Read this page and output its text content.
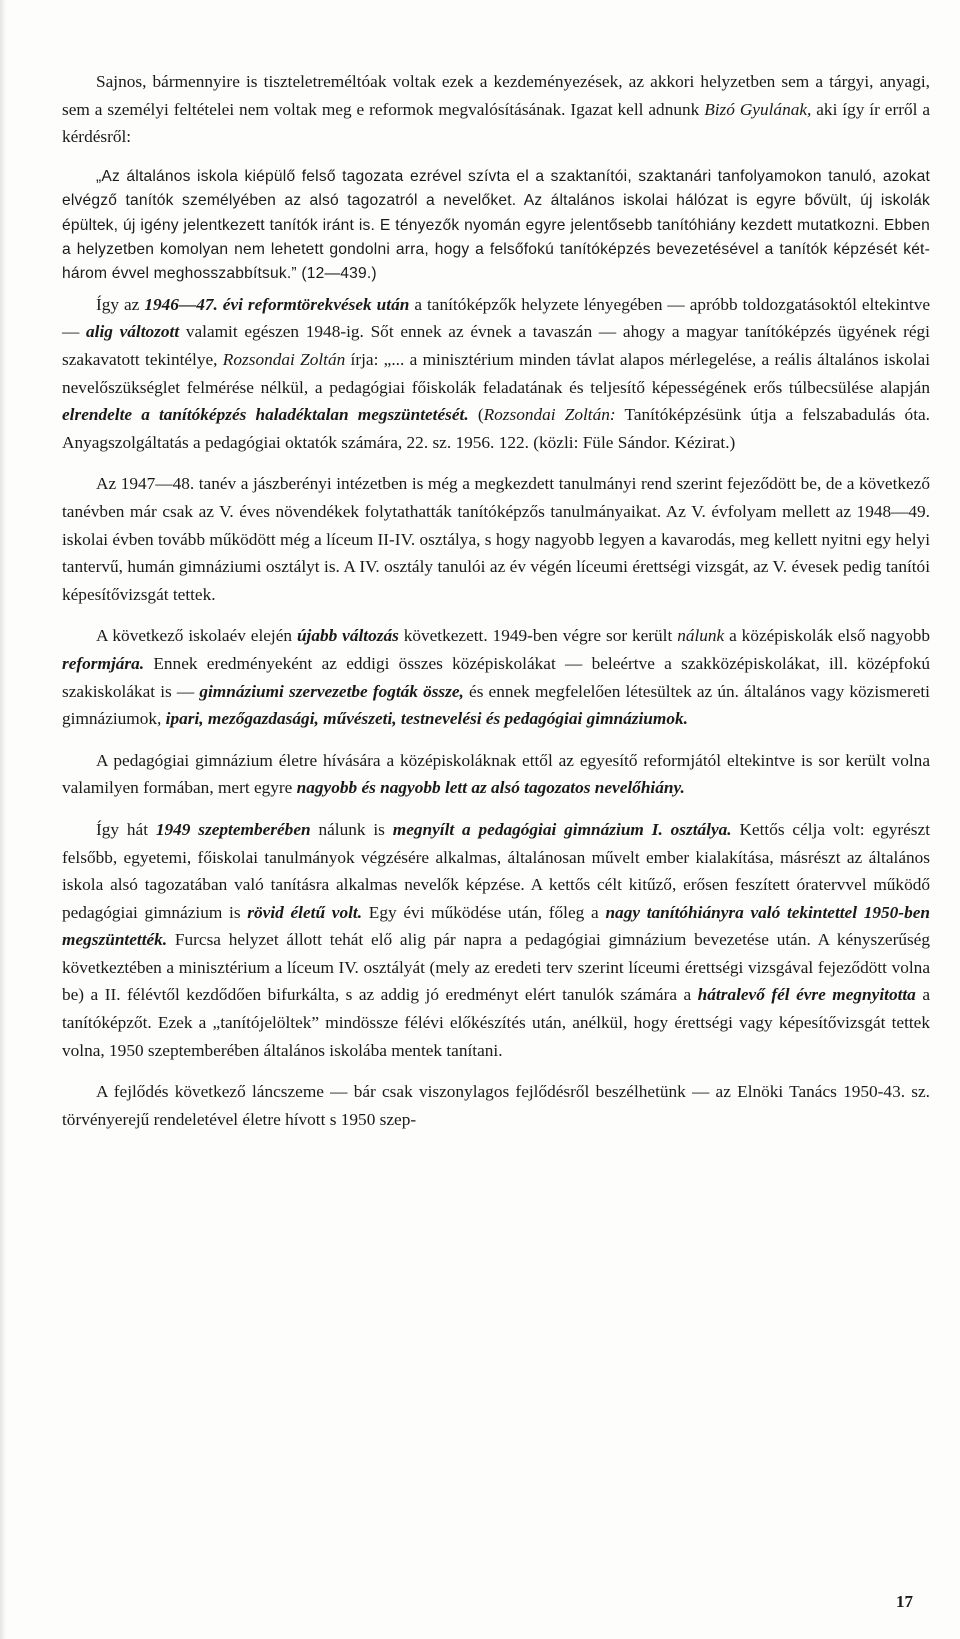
Sajnos, bármennyire is tiszteletreméltóak voltak ezek a kezdeményezések, az akkori helyzetben sem a tárgyi, anyagi, sem a személyi feltételei nem voltak meg e reformok megvalósításának. Igazat kell adnunk Bizó Gyulának, aki így ír erről a kérdésről:

„Az általános iskola kiépülő felső tagozata ezrével szívta el a szaktanítói, szaktanári tanfolyamokon tanuló, azokat elvégző tanítók személyében az alsó tagozatról a nevelőket. Az általános iskolai hálózat is egyre bővült, új iskolák épültek, új igény jelentkezett tanítók iránt is. E tényezők nyomán egyre jelentősebb tanítóhiány kezdett mutatkozni. Ebben a helyzetben komolyan nem lehetett gondolni arra, hogy a felsőfokú tanítóképzés bevezetésével a tanítók képzését két-három évvel meghosszabbítsuk.” (12—439.)

Így az 1946—47. évi reformtörekvések után a tanítóképzők helyzete lényegében — apróbb toldozgatásoktól eltekintve — alig változott valamit egészen 1948-ig. Sőt ennek az évnek a tavaszán — ahogy a magyar tanítóképzés ügyének régi szakavatott tekintélye, Rozsondai Zoltán írja: „... a minisztérium minden távlat alapos mérlegelése, a reális általános iskolai nevelőszükséglet felmérése nélkül, a pedagógiai főiskolák feladatának és teljesítő képességének erős túlbecsülése alapján elrendelte a tanítóképzés haladéktalan megszüntetését. (Rozsondai Zoltán: Tanítóképzésünk útja a felszabadulás óta. Anyagszolgáltatás a pedagógiai oktatók számára, 22. sz. 1956. 122. (közli: Füle Sándor. Kézirat.)

Az 1947—48. tanév a jászberényi intézetben is még a megkezdett tanulmányi rend szerint fejeződött be, de a következő tanévben már csak az V. éves növendékek folytathatták tanítóképzős tanulmányaikat. Az V. évfolyam mellett az 1948—49. iskolai évben tovább működött még a líceum II-IV. osztálya, s hogy nagyobb legyen a kavarodás, meg kellett nyitni egy helyi tantervű, humán gimnáziumi osztályt is. A IV. osztály tanulói az év végén líceumi érettségi vizsgát, az V. évesek pedig tanítói képesítővizsgát tettek.

A következő iskolaév elején újabb változás következett. 1949-ben végre sor került nálunk a középiskolák első nagyobb reformjára. Ennek eredményeként az eddigi összes középiskolákat — beleértve a szakközépiskolákat, ill. középfokú szakiskolákat is — gimnáziumi szervezetbe fogták össze, és ennek megfelelően létesültek az ún. általános vagy közismereti gimnáziumok, ipari, mezőgazdasági, művészeti, testnevelési és pedagógiai gimnáziumok.

A pedagógiai gimnázium életre hívására a középiskoláknak ettől az egyesítő reformjától eltekintve is sor került volna valamilyen formában, mert egyre nagyobb és nagyobb lett az alsó tagozatos nevelőhiány.

Így hát 1949 szeptemberében nálunk is megnyílt a pedagógiai gimnázium I. osztálya. Kettős célja volt: egyrészt felsőbb, egyetemi, főiskolai tanulmányok végzésére alkalmas, általánosan művelt ember kialakítása, másrészt az általános iskola alsó tagozatában való tanításra alkalmas nevelők képzése. A kettős célt kitűző, erősen feszített óratervvel működő pedagógiai gimnázium is rövid életű volt. Egy évi működése után, főleg a nagy tanítóhiányra való tekintettel 1950-ben megszüntették. Furcsa helyzet állott tehát elő alig pár napra a pedagógiai gimnázium bevezetése után. A kényszerűség következtében a minisztérium a líceum IV. osztályát (mely az eredeti terv szerint líceumi érettségi vizsgával fejeződött volna be) a II. félévtől kezdődően bifurkálta, s az addig jó eredményt elért tanulók számára a hátralevő fél évre megnyitotta a tanítóképzőt. Ezek a „tanítójelöltek” mindössze félévi előkészítés után, anélkül, hogy érettségi vagy képesítővizsgát tettek volna, 1950 szeptemberében általános iskolába mentek tanítani.

A fejlődés következő láncszeme — bár csak viszonylagos fejlődésről beszélhetünk — az Elnöki Tanács 1950-43. sz. törvényerejű rendeletével életre hívott s 1950 szep-

17
